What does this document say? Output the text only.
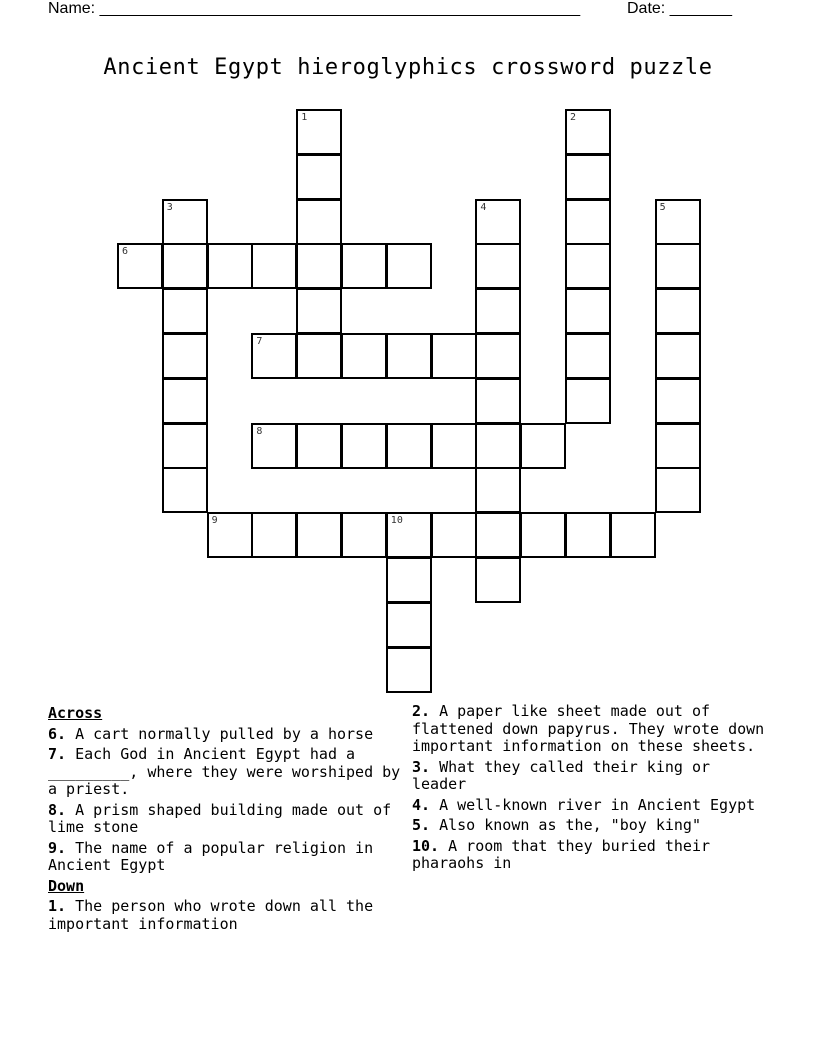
Name: ______________________________________________________	Date: _______
Ancient Egypt hieroglyphics crossword puzzle
1	2
3	4	5
6
7
8
9	10
Across
6. A cart normally pulled by a horse
7. Each God in Ancient Egypt had a _________, where they were worshiped by a priest.
8. A prism shaped building made out of lime stone
9. The name of a popular religion in Ancient Egypt
Down
1. The person who wrote down all the important information
2. A paper like sheet made out of flattened down papyrus. They wrote down important information on these sheets.
3. What they called their king or leader
4. A well-known river in Ancient Egypt
5. Also known as the, "boy king"
10. A room that they buried their pharaohs in
